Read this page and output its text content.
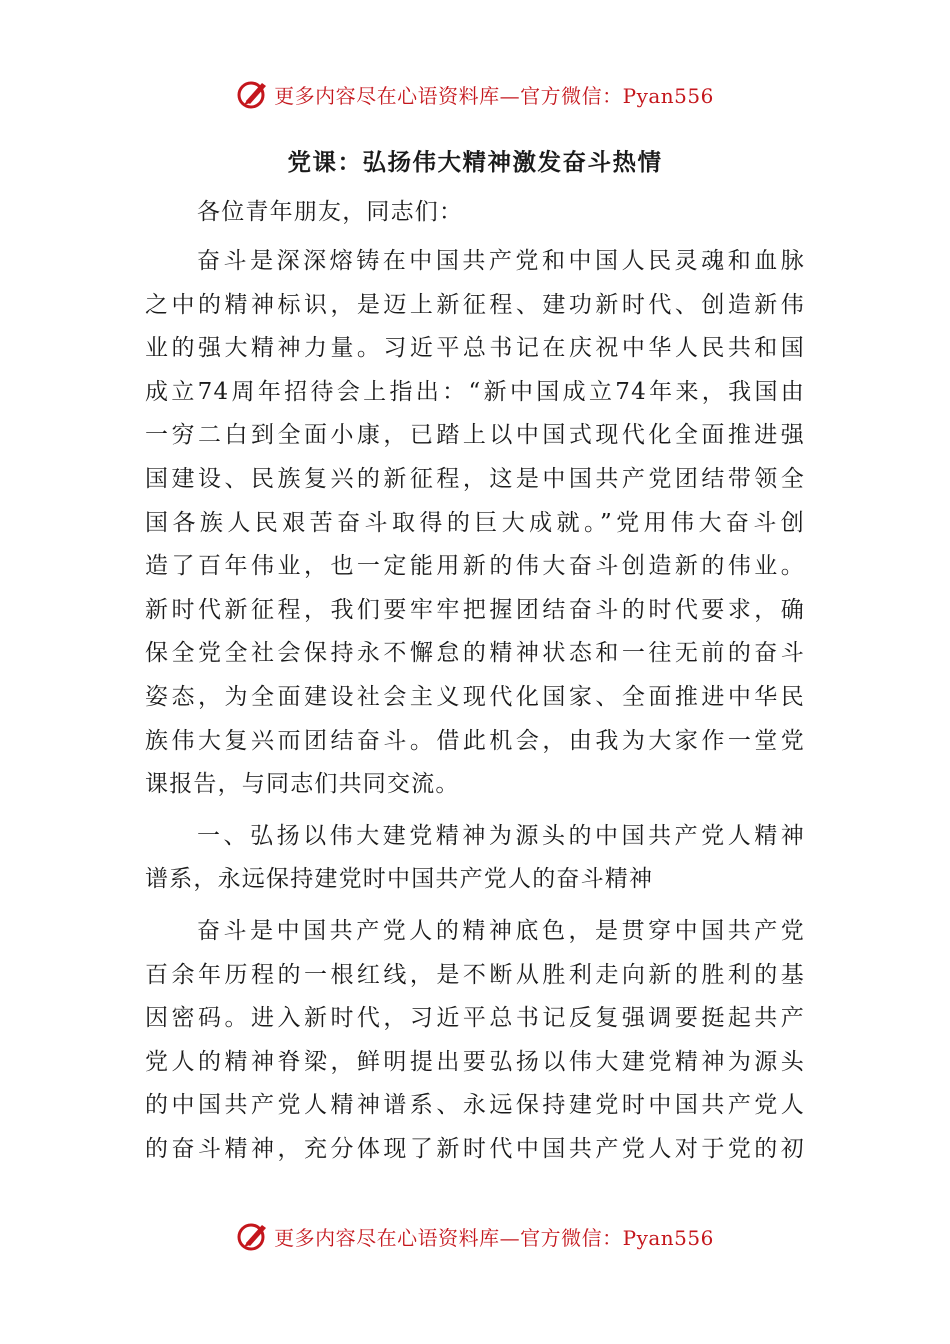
更多内容尽在心语资料库—官方微信：Pyan556
党课：弘扬伟大精神激发奋斗热情

各位青年朋友，同志们：

奋斗是深深熔铸在中国共产党和中国人民灵魂和血脉
之中的精神标识，是迈上新征程、建功新时代、创造新伟
业的强大精神力量。习近平总书记在庆祝中华人民共和国
成立74周年招待会上指出：“新中国成立74年来，我国由
一穷二白到全面小康，已踏上以中国式现代化全面推进强
国建设、民族复兴的新征程，这是中国共产党团结带领全
国各族人民艰苦奋斗取得的巨大成就。”党用伟大奋斗创
造了百年伟业，也一定能用新的伟大奋斗创造新的伟业。
新时代新征程，我们要牢牢把握团结奋斗的时代要求，确
保全党全社会保持永不懈怠的精神状态和一往无前的奋斗
姿态，为全面建设社会主义现代化国家、全面推进中华民
族伟大复兴而团结奋斗。借此机会，由我为大家作一堂党
课报告，与同志们共同交流。

一、弘扬以伟大建党精神为源头的中国共产党人精神
谱系，永远保持建党时中国共产党人的奋斗精神

奋斗是中国共产党人的精神底色，是贯穿中国共产党
百余年历程的一根红线，是不断从胜利走向新的胜利的基
因密码。进入新时代，习近平总书记反复强调要挺起共产
党人的精神脊梁，鲜明提出要弘扬以伟大建党精神为源头
的中国共产党人精神谱系、永远保持建党时中国共产党人
的奋斗精神，充分体现了新时代中国共产党人对于党的初

更多内容尽在心语资料库—官方微信：Pyan556
